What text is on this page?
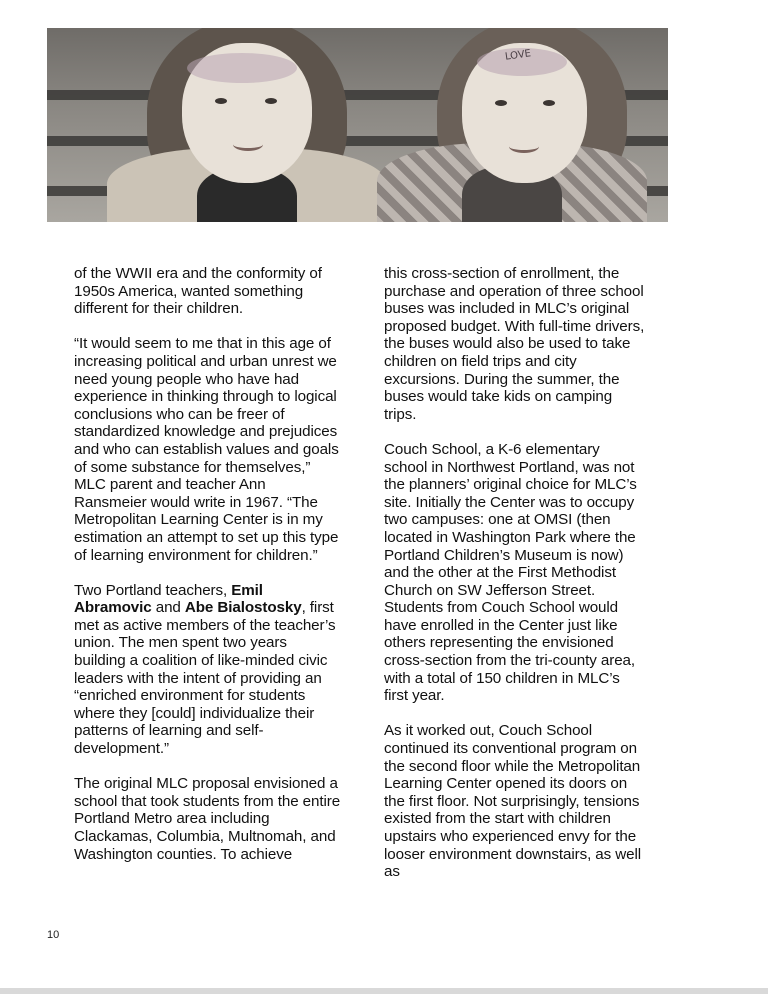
LOVE

of the WWII era and the conformity of 1950s America, wanted something different for their children.

“It would seem to me that in this age of increasing political and urban unrest we need young people who have had experience in thinking through to logical conclusions who can be freer of standardized knowledge and prejudices and who can establish values and goals of some substance for themselves,” MLC parent and teacher Ann Ransmeier would write in 1967. “The Metropolitan Learning Center is in my estimation an attempt to set up this type of learning environment for children.”

Two Portland teachers, Emil Abramovic and Abe Bialostosky, first met as active members of the teacher’s union. The men spent two years building a coalition of like-minded civic leaders with the intent of providing an “enriched environment for students where they [could] individualize their patterns of learning and self-development.”

The original MLC proposal envisioned a school that took students from the entire Portland Metro area including Clackamas, Columbia, Multnomah, and Washington counties. To achieve

this cross-section of enrollment, the purchase and operation of three school buses was included in MLC’s original proposed budget. With full-time drivers, the buses would also be used to take children on field trips and city excursions. During the summer, the buses would take kids on camping trips.

Couch School, a K-6 elementary school in Northwest Portland, was not the planners’ original choice for MLC’s site. Initially the Center was to occupy two campuses: one at OMSI (then located in Washington Park where the Portland Children’s Museum is now) and the other at the First Methodist Church on SW Jefferson Street. Students from Couch School would have enrolled in the Center just like others representing the envisioned cross-section from the tri-county area, with a total of 150 children in MLC’s first year.

As it worked out, Couch School continued its conventional program on the second floor while the Metropolitan Learning Center opened its doors on the first floor. Not surprisingly, tensions existed from the start with children upstairs who experienced envy for the looser environment downstairs, as well as

10
